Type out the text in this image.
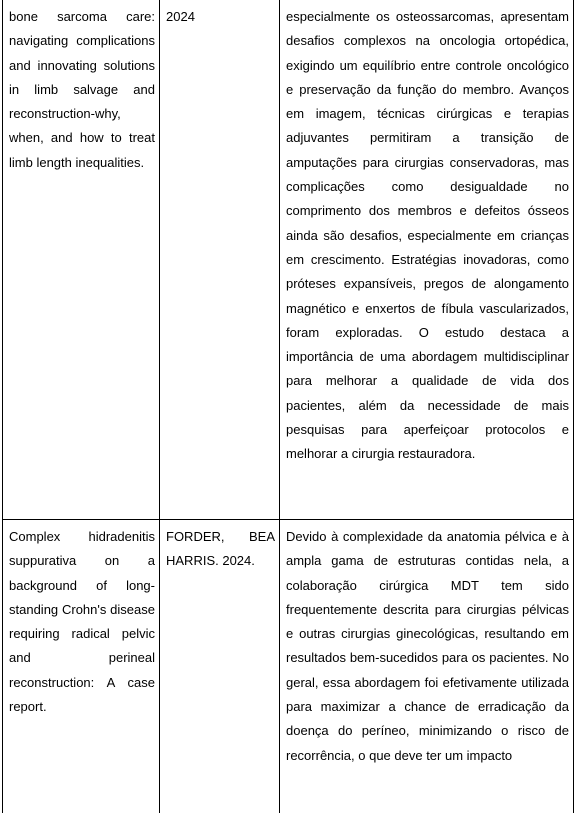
bone sarcoma care: navigating complications and innovating solutions in limb salvage and reconstruction-why, when, and how to treat limb length inequalities.	2024	especialmente os osteossarcomas, apresentam desafios complexos na oncologia ortopédica, exigindo um equilíbrio entre controle oncológico e preservação da função do membro. Avanços em imagem, técnicas cirúrgicas e terapias adjuvantes permitiram a transição de amputações para cirurgias conservadoras, mas complicações como desigualdade no comprimento dos membros e defeitos ósseos ainda são desafios, especialmente em crianças em crescimento. Estratégias inovadoras, como próteses expansíveis, pregos de alongamento magnético e enxertos de fíbula vascularizados, foram exploradas. O estudo destaca a importância de uma abordagem multidisciplinar para melhorar a qualidade de vida dos pacientes, além da necessidade de mais pesquisas para aperfeiçoar protocolos e melhorar a cirurgia restauradora.
Complex hidradenitis suppurativa on a background of long-standing Crohn's disease requiring radical pelvic and perineal reconstruction: A case report.	FORDER, BEA HARRIS. 2024.	Devido à complexidade da anatomia pélvica e à ampla gama de estruturas contidas nela, a colaboração cirúrgica MDT tem sido frequentemente descrita para cirurgias pélvicas e outras cirurgias ginecológicas, resultando em resultados bem-sucedidos para os pacientes. No geral, essa abordagem foi efetivamente utilizada para maximizar a chance de erradicação da doença do períneo, minimizando o risco de recorrência, o que deve ter um impacto
